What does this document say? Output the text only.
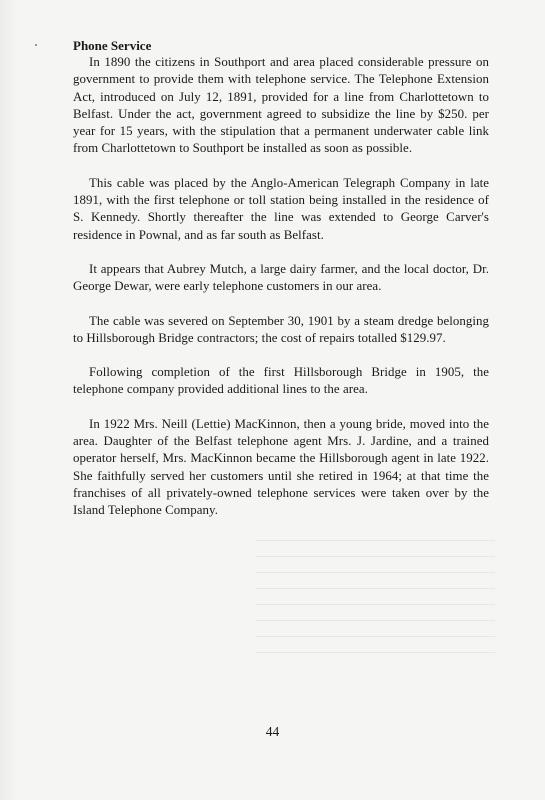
Phone Service

In 1890 the citizens in Southport and area placed considerable pressure on government to provide them with telephone service. The Telephone Extension Act, introduced on July 12, 1891, provided for a line from Charlottetown to Belfast. Under the act, government agreed to subsidize the line by $250. per year for 15 years, with the stipulation that a permanent underwater cable link from Charlottetown to Southport be installed as soon as possible.

This cable was placed by the Anglo-American Telegraph Company in late 1891, with the first telephone or toll station being installed in the residence of S. Kennedy. Shortly thereafter the line was extended to George Carver's residence in Pownal, and as far south as Belfast.

It appears that Aubrey Mutch, a large dairy farmer, and the local doctor, Dr. George Dewar, were early telephone customers in our area.

The cable was severed on September 30, 1901 by a steam dredge belonging to Hillsborough Bridge contractors; the cost of repairs totalled $129.97.

Following completion of the first Hillsborough Bridge in 1905, the telephone company provided additional lines to the area.

In 1922 Mrs. Neill (Lettie) MacKinnon, then a young bride, moved into the area. Daughter of the Belfast telephone agent Mrs. J. Jardine, and a trained operator herself, Mrs. MacKinnon became the Hillsborough agent in late 1922. She faithfully served her customers until she retired in 1964; at that time the franchises of all privately-owned telephone services were taken over by the Island Telephone Company.

44
